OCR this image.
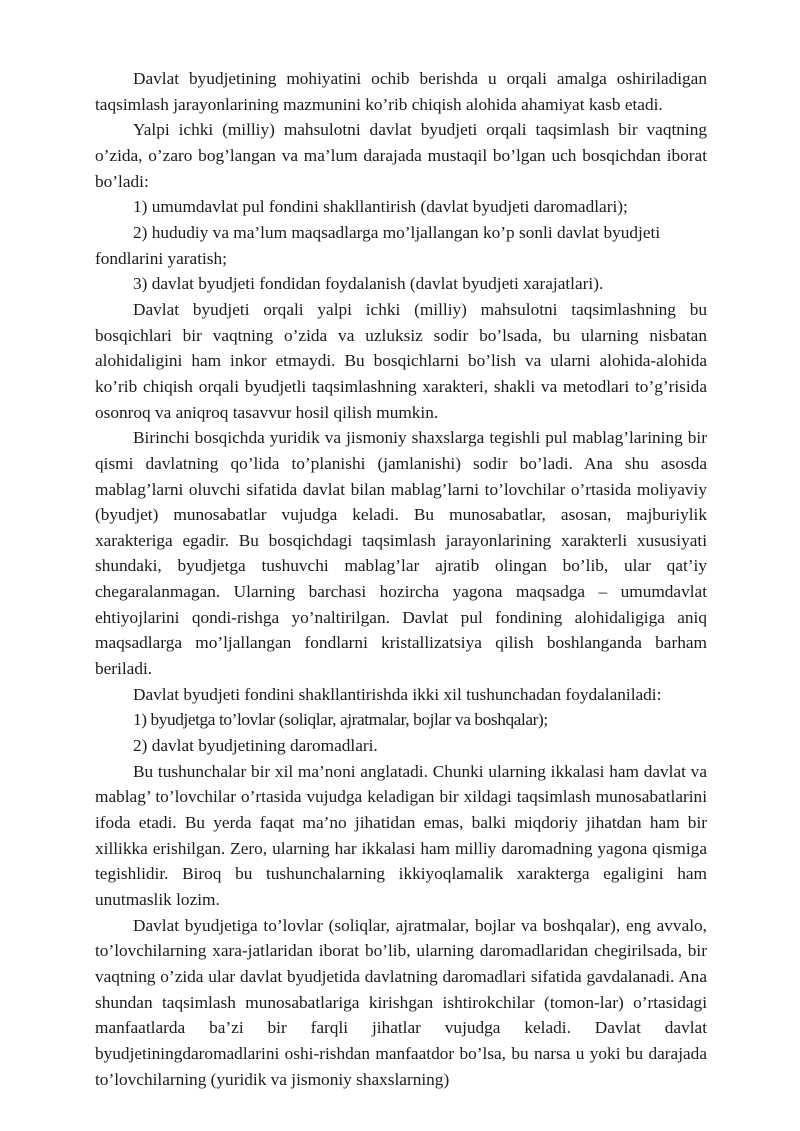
Davlat byudjetining mohiyatini ochib berishda u orqali amalga oshiriladigan taqsimlash jarayonlarining mazmunini ko’rib chiqish alohida ahamiyat kasb etadi.

Yalpi ichki (milliy) mahsulotni davlat byudjeti orqali taqsimlash bir vaqtning o’zida, o’zaro bog’langan va ma’lum darajada mustaqil bo’lgan uch bosqichdan iborat bo’ladi:

1) umumdavlat pul fondini shakllantirish (davlat byudjeti daromadlari);

2) hududiy va ma’lum maqsadlarga mo’ljallangan ko’p sonli davlat byudjeti fondlarini yaratish;

3) davlat byudjeti fondidan foydalanish (davlat byudjeti xarajatlari).

Davlat byudjeti orqali yalpi ichki (milliy) mahsulotni taqsimlashning bu bosqichlari bir vaqtning o’zida va uzluksiz sodir bo’lsada, bu ularning nisbatan alohidaligini ham inkor etmaydi. Bu bosqichlarni bo’lish va ularni alohida-alohida ko’rib chiqish orqali byudjetli taqsimlashning xarakteri, shakli va metodlari to’g’risida osonroq va aniqroq tasavvur hosil qilish mumkin.

Birinchi bosqichda yuridik va jismoniy shaxslarga tegishli pul mablag’larining bir qismi davlatning qo’lida to’planishi (jamlanishi) sodir bo’ladi. Ana shu asosda mablag’larni oluvchi sifatida davlat bilan mablag’larni to’lovchilar o’rtasida moliyaviy (byudjet) munosabatlar vujudga keladi. Bu munosabatlar, asosan, majburiylik xarakteriga egadir. Bu bosqichdagi taqsimlash jarayonlarining xarakterli xususiyati shundaki, byudjetga tushuvchi mablag’lar ajratib olingan bo’lib, ular qat’iy chegaralanmagan. Ularning barchasi hozircha yagona maqsadga – umumdavlat ehtiyojlarini qondi-rishga yo’naltirilgan. Davlat pul fondining alohidaligiga aniq maqsadlarga mo’ljallangan fondlarni kristallizatsiya qilish boshlanganda barham beriladi.

Davlat byudjeti fondini shakllantirishda ikki xil tushunchadan foydalaniladi:

1) byudjetga to’lovlar (soliqlar, ajratmalar, bojlar va boshqalar);

2) davlat byudjetining daromadlari.

Bu tushunchalar bir xil ma’noni anglatadi. Chunki ularning ikkalasi ham davlat va mablag’ to’lovchilar o’rtasida vujudga keladigan bir xildagi taqsimlash munosabatlarini ifoda etadi. Bu yerda faqat ma’no jihatidan emas, balki miqdoriy jihatdan ham bir xillikka erishilgan. Zero, ularning har ikkalasi ham milliy daromadning yagona qismiga tegishlidir. Biroq bu tushunchalarning ikkiyoqlamalik xarakterga egaligini ham unutmaslik lozim.

Davlat byudjetiga to’lovlar (soliqlar, ajratmalar, bojlar va boshqalar), eng avvalo, to’lovchilarning xara-jatlaridan iborat bo’lib, ularning daromadlaridan chegirilsada, bir vaqtning o’zida ular davlat byudjetida davlatning daromadlari sifatida gavdalanadi. Ana shundan taqsimlash munosabatlariga kirishgan ishtirokchilar (tomon-lar) o’rtasidagi manfaatlarda ba’zi bir farqli jihatlar vujudga keladi. Davlat davlat byudjetiningdaromadlarini oshi-rishdan manfaatdor bo’lsa, bu narsa u yoki bu darajada to’lovchilarning (yuridik va jismoniy shaxslarning)
